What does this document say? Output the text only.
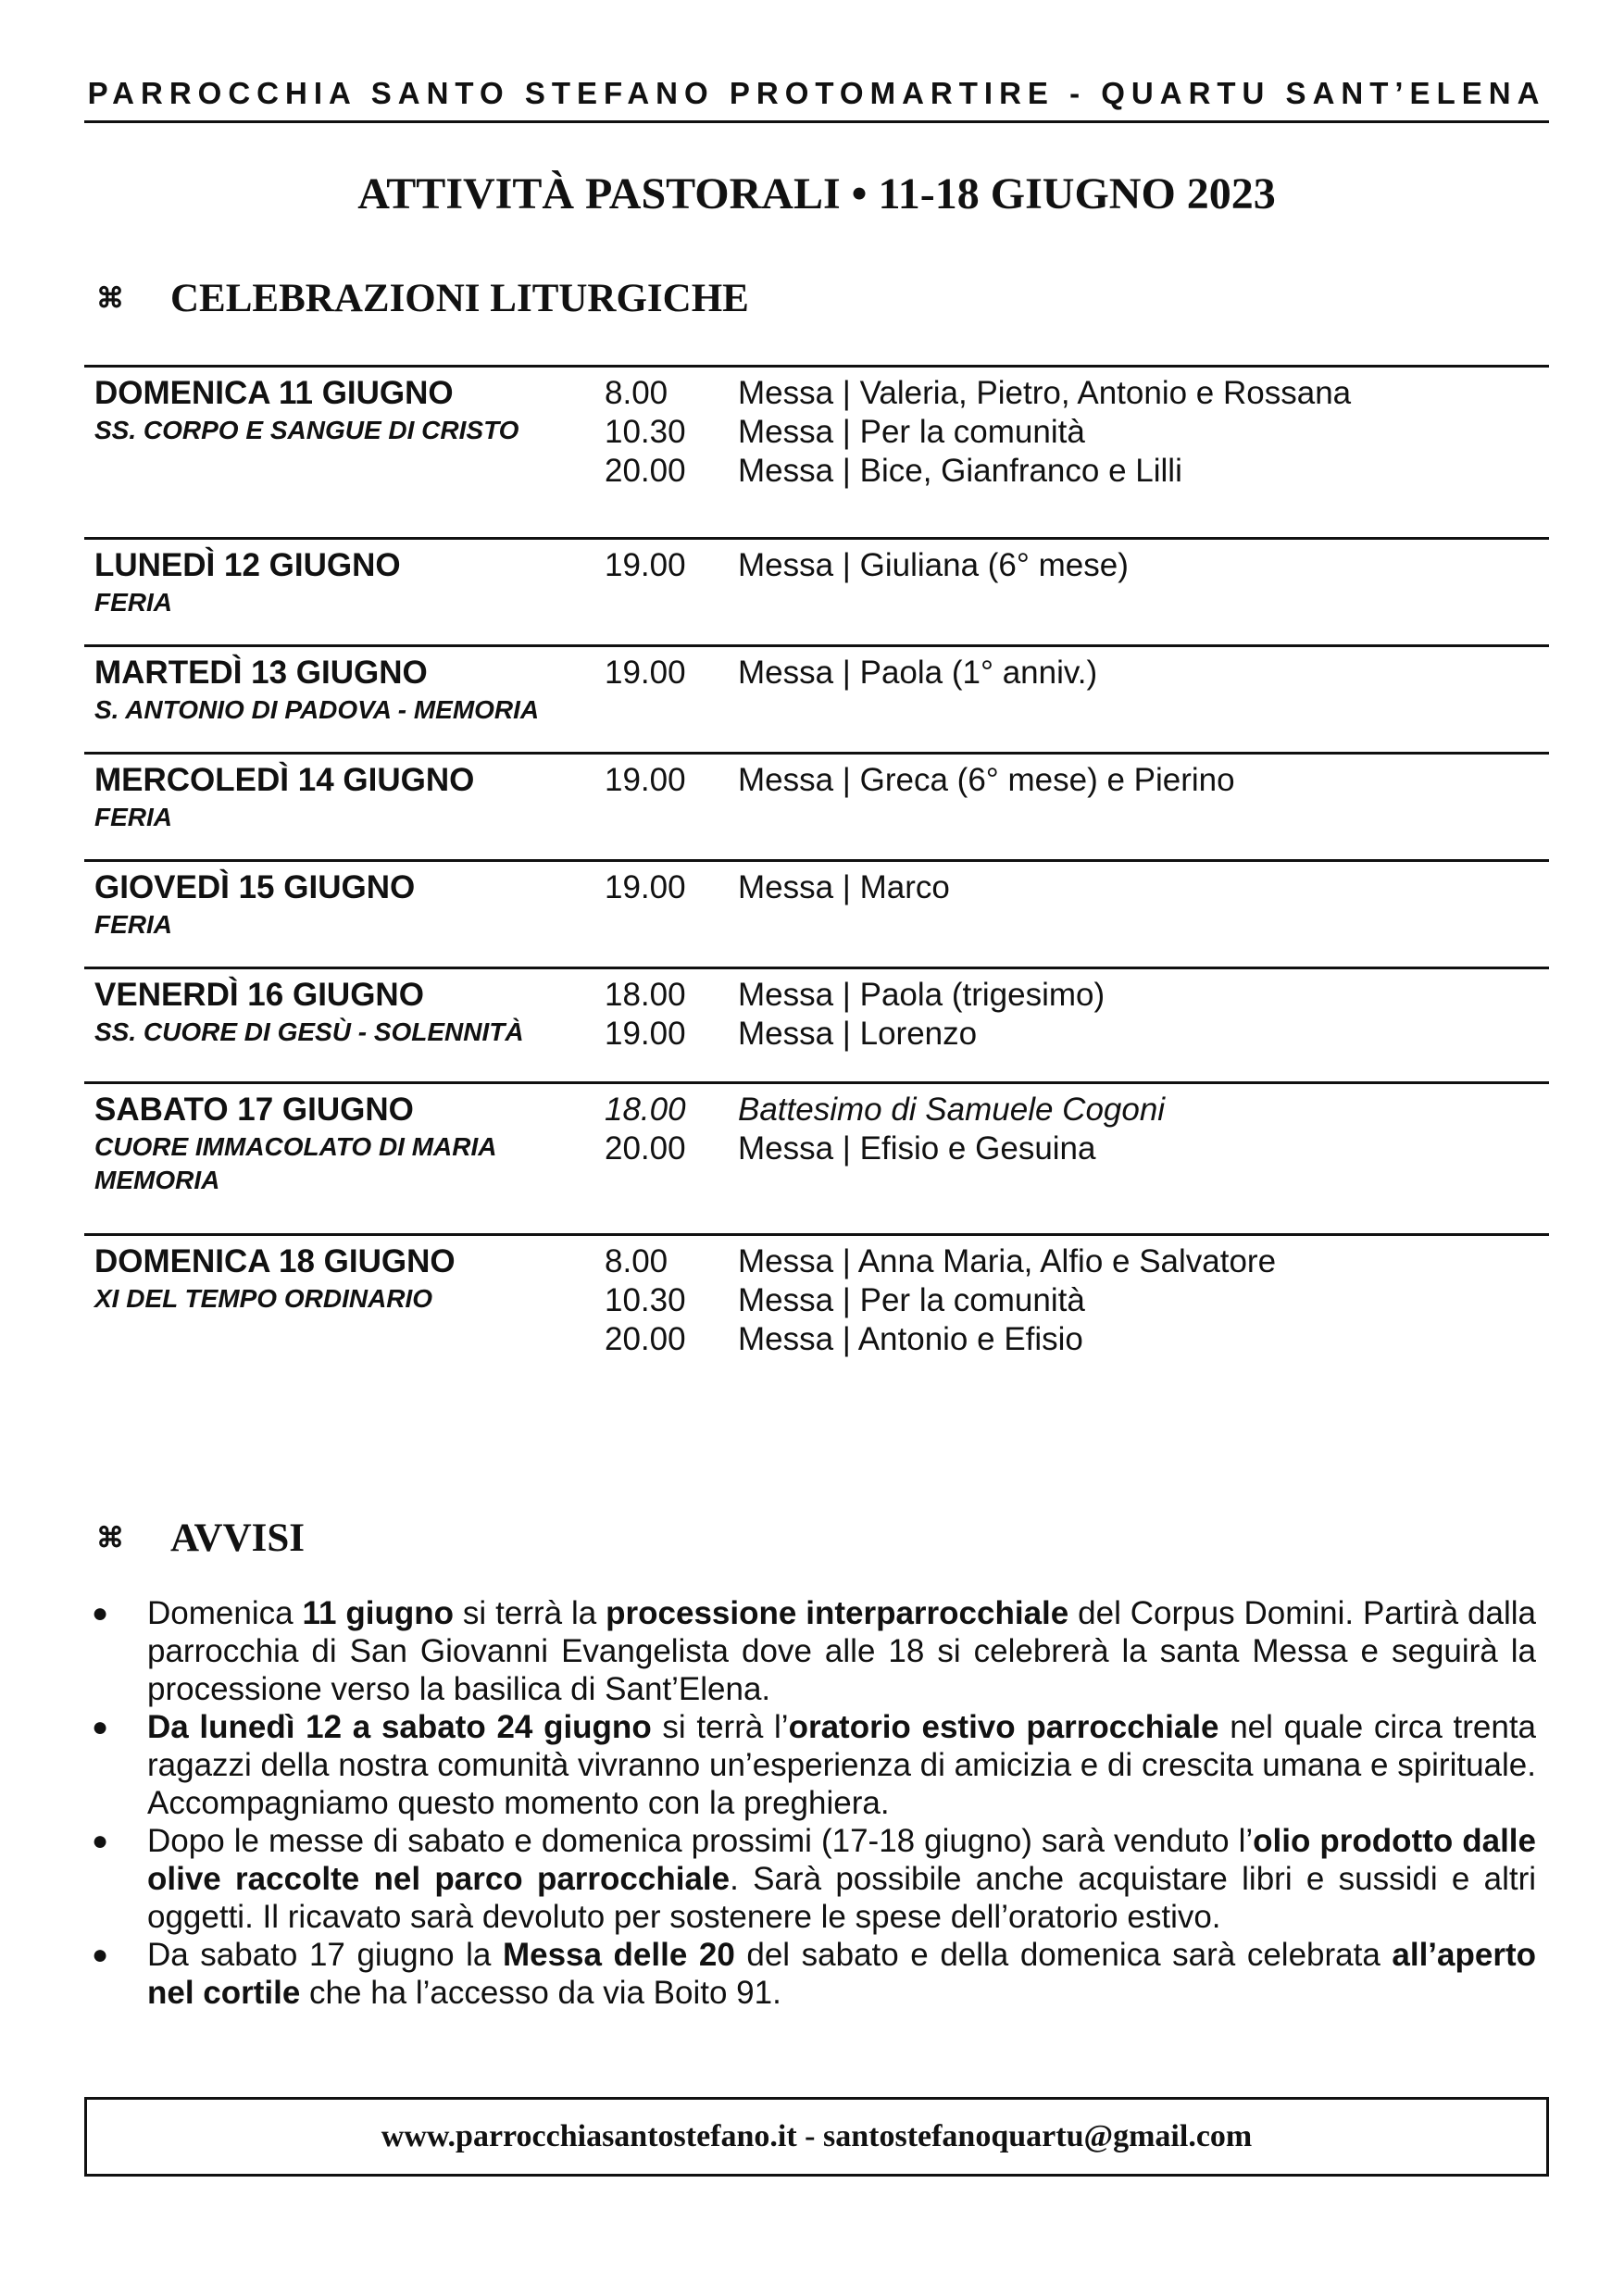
PARROCCHIA SANTO STEFANO PROTOMARTIRE - QUARTU SANT’ELENA
ATTIVITÀ PASTORALI • 11-18 GIUGNO 2023
⌘ CELEBRAZIONI LITURGICHE
DOMENICA 11 GIUGNO
SS. CORPO E SANGUE DI CRISTO
8.00 Messa | Valeria, Pietro, Antonio e Rossana
10.30 Messa | Per la comunità
20.00 Messa | Bice, Gianfranco e Lilli
LUNEDÌ 12 GIUGNO
FERIA
19.00 Messa | Giuliana (6° mese)
MARTEDÌ 13 GIUGNO
S. ANTONIO DI PADOVA - MEMORIA
19.00 Messa | Paola (1° anniv.)
MERCOLEDÌ 14 GIUGNO
FERIA
19.00 Messa | Greca (6° mese) e Pierino
GIOVEDÌ 15 GIUGNO
FERIA
19.00 Messa | Marco
VENERDÌ 16 GIUGNO
SS. CUORE DI GESÙ - SOLENNITÀ
18.00 Messa | Paola (trigesimo)
19.00 Messa | Lorenzo
SABATO 17 GIUGNO
CUORE IMMACOLATO DI MARIA MEMORIA
18.00 Battesimo di Samuele Cogoni
20.00 Messa | Efisio e Gesuina
DOMENICA 18 GIUGNO
XI DEL TEMPO ORDINARIO
8.00 Messa | Anna Maria, Alfio e Salvatore
10.30 Messa | Per la comunità
20.00 Messa | Antonio e Efisio
⌘ AVVISI
● Domenica 11 giugno si terrà la processione interparrocchiale del Corpus Domini. Partirà dalla parrocchia di San Giovanni Evangelista dove alle 18 si celebrerà la santa Messa e seguirà la processione verso la basilica di Sant’Elena.
● Da lunedì 12 a sabato 24 giugno si terrà l’oratorio estivo parrocchiale nel quale circa trenta ragazzi della nostra comunità vivranno un’esperienza di amicizia e di crescita umana e spirituale. Accompagniamo questo momento con la preghiera.
● Dopo le messe di sabato e domenica prossimi (17-18 giugno) sarà venduto l’olio prodotto dalle olive raccolte nel parco parrocchiale. Sarà possibile anche acquistare libri e sussidi e altri oggetti. Il ricavato sarà devoluto per sostenere le spese dell’oratorio estivo.
● Da sabato 17 giugno la Messa delle 20 del sabato e della domenica sarà celebrata all’aperto nel cortile che ha l’accesso da via Boito 91.
www.parrocchiasantostefano.it - santostefanoquartu@gmail.com
